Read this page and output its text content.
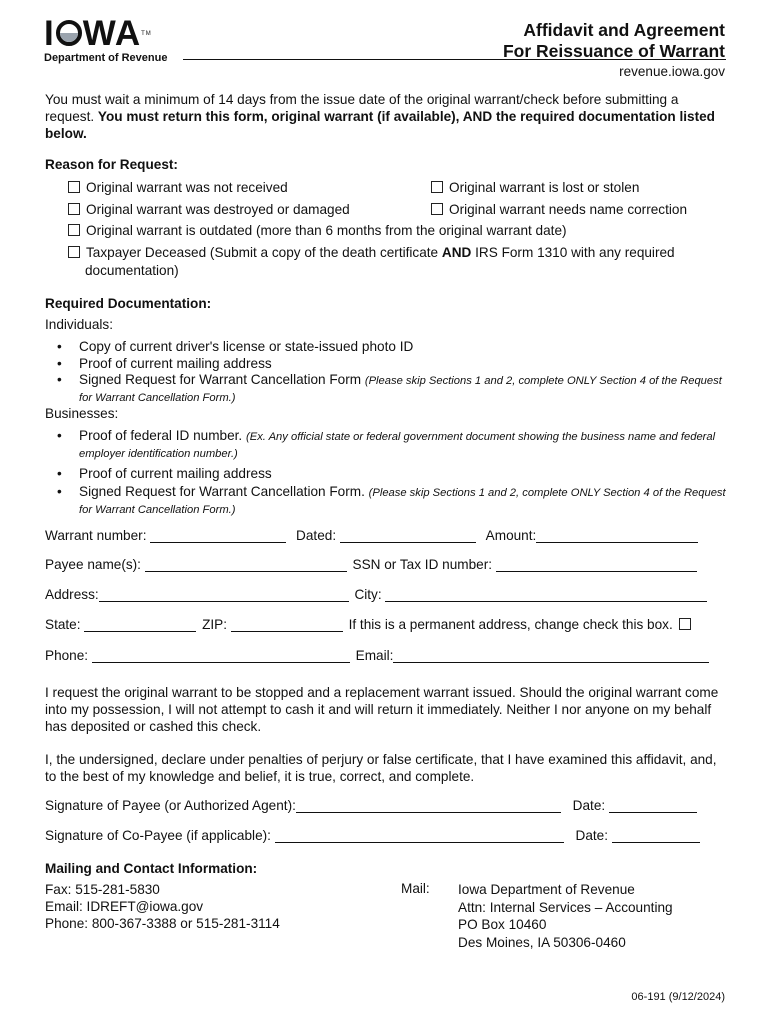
I WATM
Department of Revenue
Affidavit and Agreement
For Reissuance of Warrant
revenue.iowa.gov
You must wait a minimum of 14 days from the issue date of the original warrant/check before submitting a request. You must return this form, original warrant (if available), AND the required documentation listed below.
Reason for Request:
Original warrant was not received	Original warrant is lost or stolen
Original warrant was destroyed or damaged	Original warrant needs name correction
Original warrant is outdated (more than 6 months from the original warrant date)
Taxpayer Deceased (Submit a copy of the death certificate AND IRS Form 1310 with any required
documentation)
Required Documentation:
Individuals:
• Copy of current driver's license or state-issued photo ID
• Proof of current mailing address
• Signed Request for Warrant Cancellation Form (Please skip Sections 1 and 2, complete ONLY Section 4 of the Request for Warrant Cancellation Form.)
Businesses:
• Proof of federal ID number. (Ex. Any official state or federal government document showing the business name and federal employer identification number.)
• Proof of current mailing address
• Signed Request for Warrant Cancellation Form. (Please skip Sections 1 and 2, complete ONLY Section 4 of the Request for Warrant Cancellation Form.)
Warrant number:	Dated:	Amount:
Payee name(s):	SSN or Tax ID number:
Address:	City:
State:	ZIP:	If this is a permanent address, change check this box.
Phone:	Email:
I request the original warrant to be stopped and a replacement warrant issued. Should the original warrant come into my possession, I will not attempt to cash it and will return it immediately. Neither I nor anyone on my behalf has deposited or cashed this check.
I, the undersigned, declare under penalties of perjury or false certificate, that I have examined this affidavit, and, to the best of my knowledge and belief, it is true, correct, and complete.
Signature of Payee (or Authorized Agent):	Date:
Signature of Co-Payee (if applicable):	Date:
Mailing and Contact Information:
Fax: 515-281-5830
Email: IDREFT@iowa.gov
Phone: 800-367-3388 or 515-281-3114
Mail: Iowa Department of Revenue
Attn: Internal Services – Accounting
PO Box 10460
Des Moines, IA 50306-0460
06-191 (9/12/2024)
